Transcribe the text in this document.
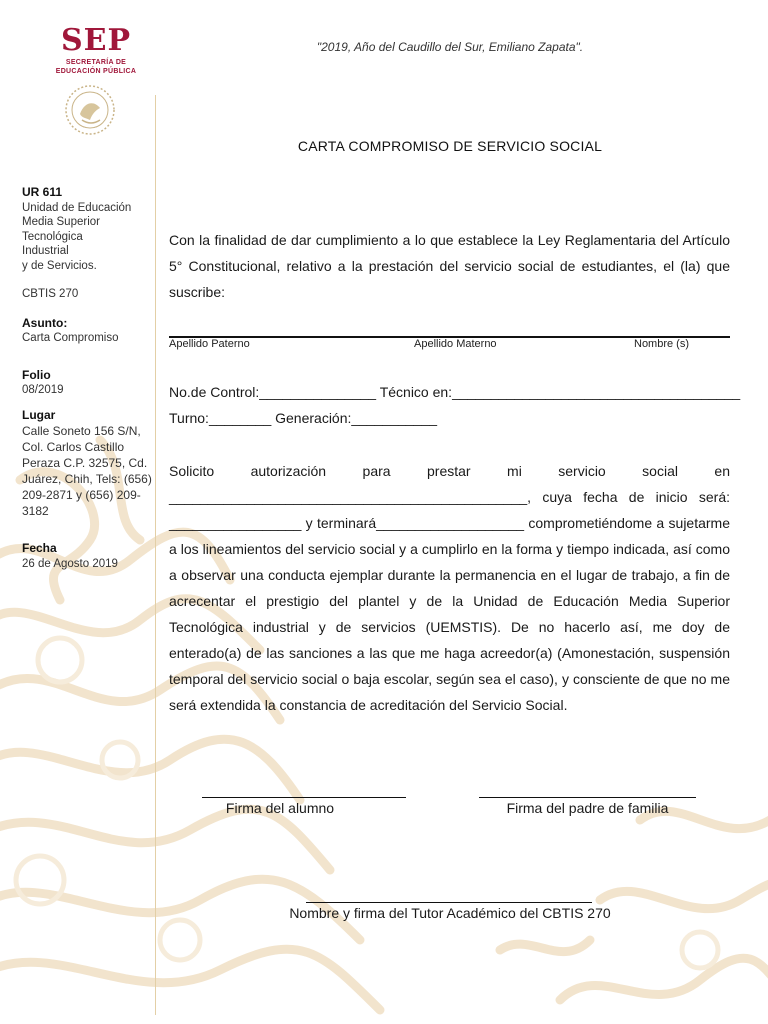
SEP
SECRETARÍA DE
EDUCACIÓN PÚBLICA
"2019, Año del Caudillo del Sur, Emiliano Zapata".
UR 611
Unidad de Educación
Media Superior
Tecnológica
Industrial
y de Servicios.
CBTIS 270
Asunto:
Carta Compromiso
Folio
08/2019
Lugar
Calle Soneto 156 S/N, Col. Carlos Castillo Peraza C.P. 32575, Cd. Juárez, Chih, Tels: (656) 209-2871 y (656) 209-3182
Fecha
26 de Agosto 2019
CARTA COMPROMISO DE SERVICIO SOCIAL
Con la finalidad de dar cumplimiento a lo que establece la Ley Reglamentaria del Artículo 5° Constitucional, relativo a la prestación del servicio social de estudiantes, el (la) que suscribe:
Apellido Paterno	Apellido Materno	Nombre (s)
No.de Control:_______________ Técnico en:_____________________________________
Turno:________ Generación:___________
Solicito autorización para prestar mi servicio social en ______________________________________________, cuya fecha de inicio será: _________________ y terminará___________________ comprometiéndome a sujetarme a los lineamientos del servicio social y a cumplirlo en la forma y tiempo indicada, así como a observar una conducta ejemplar durante la permanencia en el lugar de trabajo, a fin de acrecentar el prestigio del plantel y de la Unidad de Educación Media Superior Tecnológica industrial y de servicios (UEMSTIS). De no hacerlo así, me doy de enterado(a) de las sanciones a las que me haga acreedor(a) (Amonestación, suspensión temporal del servicio social o baja escolar, según sea el caso), y consciente de que no me será extendida la constancia de acreditación del Servicio Social.
Firma del alumno	Firma del padre de familia
Nombre y firma del Tutor Académico del CBTIS 270
